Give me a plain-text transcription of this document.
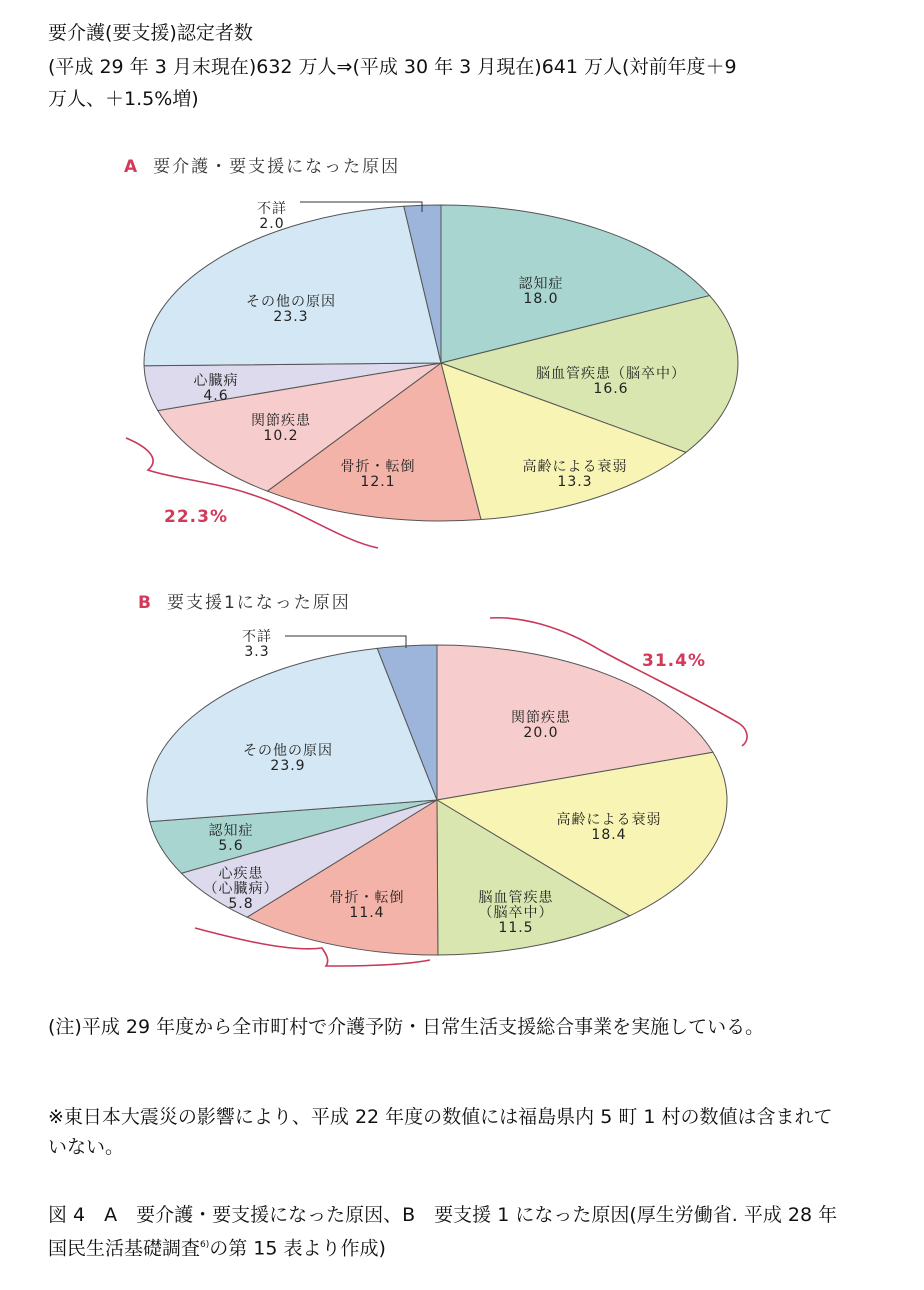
要介護(要支援)認定者数
(平成 29 年 3 月末現在)632 万人⇒(平成 30 年 3 月現在)641 万人(対前年度＋9
万人、＋1.5%増)
A 要介護・要支援になった原因
認知症
18.0
脳血管疾患（脳卒中）
16.6
高齢による衰弱
13.3
骨折・転倒
12.1
関節疾患
10.2
心臓病
4.6
その他の原因
23.3
不詳
2.0
22.3%
B 要支援1になった原因
関節疾患
20.0
高齢による衰弱
18.4
脳血管疾患
（脳卒中）
11.5
骨折・転倒
11.4
心疾患
（心臓病）
5.8
認知症
5.6
その他の原因
23.9
不詳
3.3	31.4%
(注)平成 29 年度から全市町村で介護予防・日常生活支援総合事業を実施している。
※東日本大震災の影響により、平成 22 年度の数値には福島県内 5 町 1 村の数値は含まれていない。
図 4　A　要介護・要支援になった原因、B　要支援 1 になった原因(厚生労働省. 平成 28 年国民生活基礎調査$^{6)}$の第 15 表より作成)
